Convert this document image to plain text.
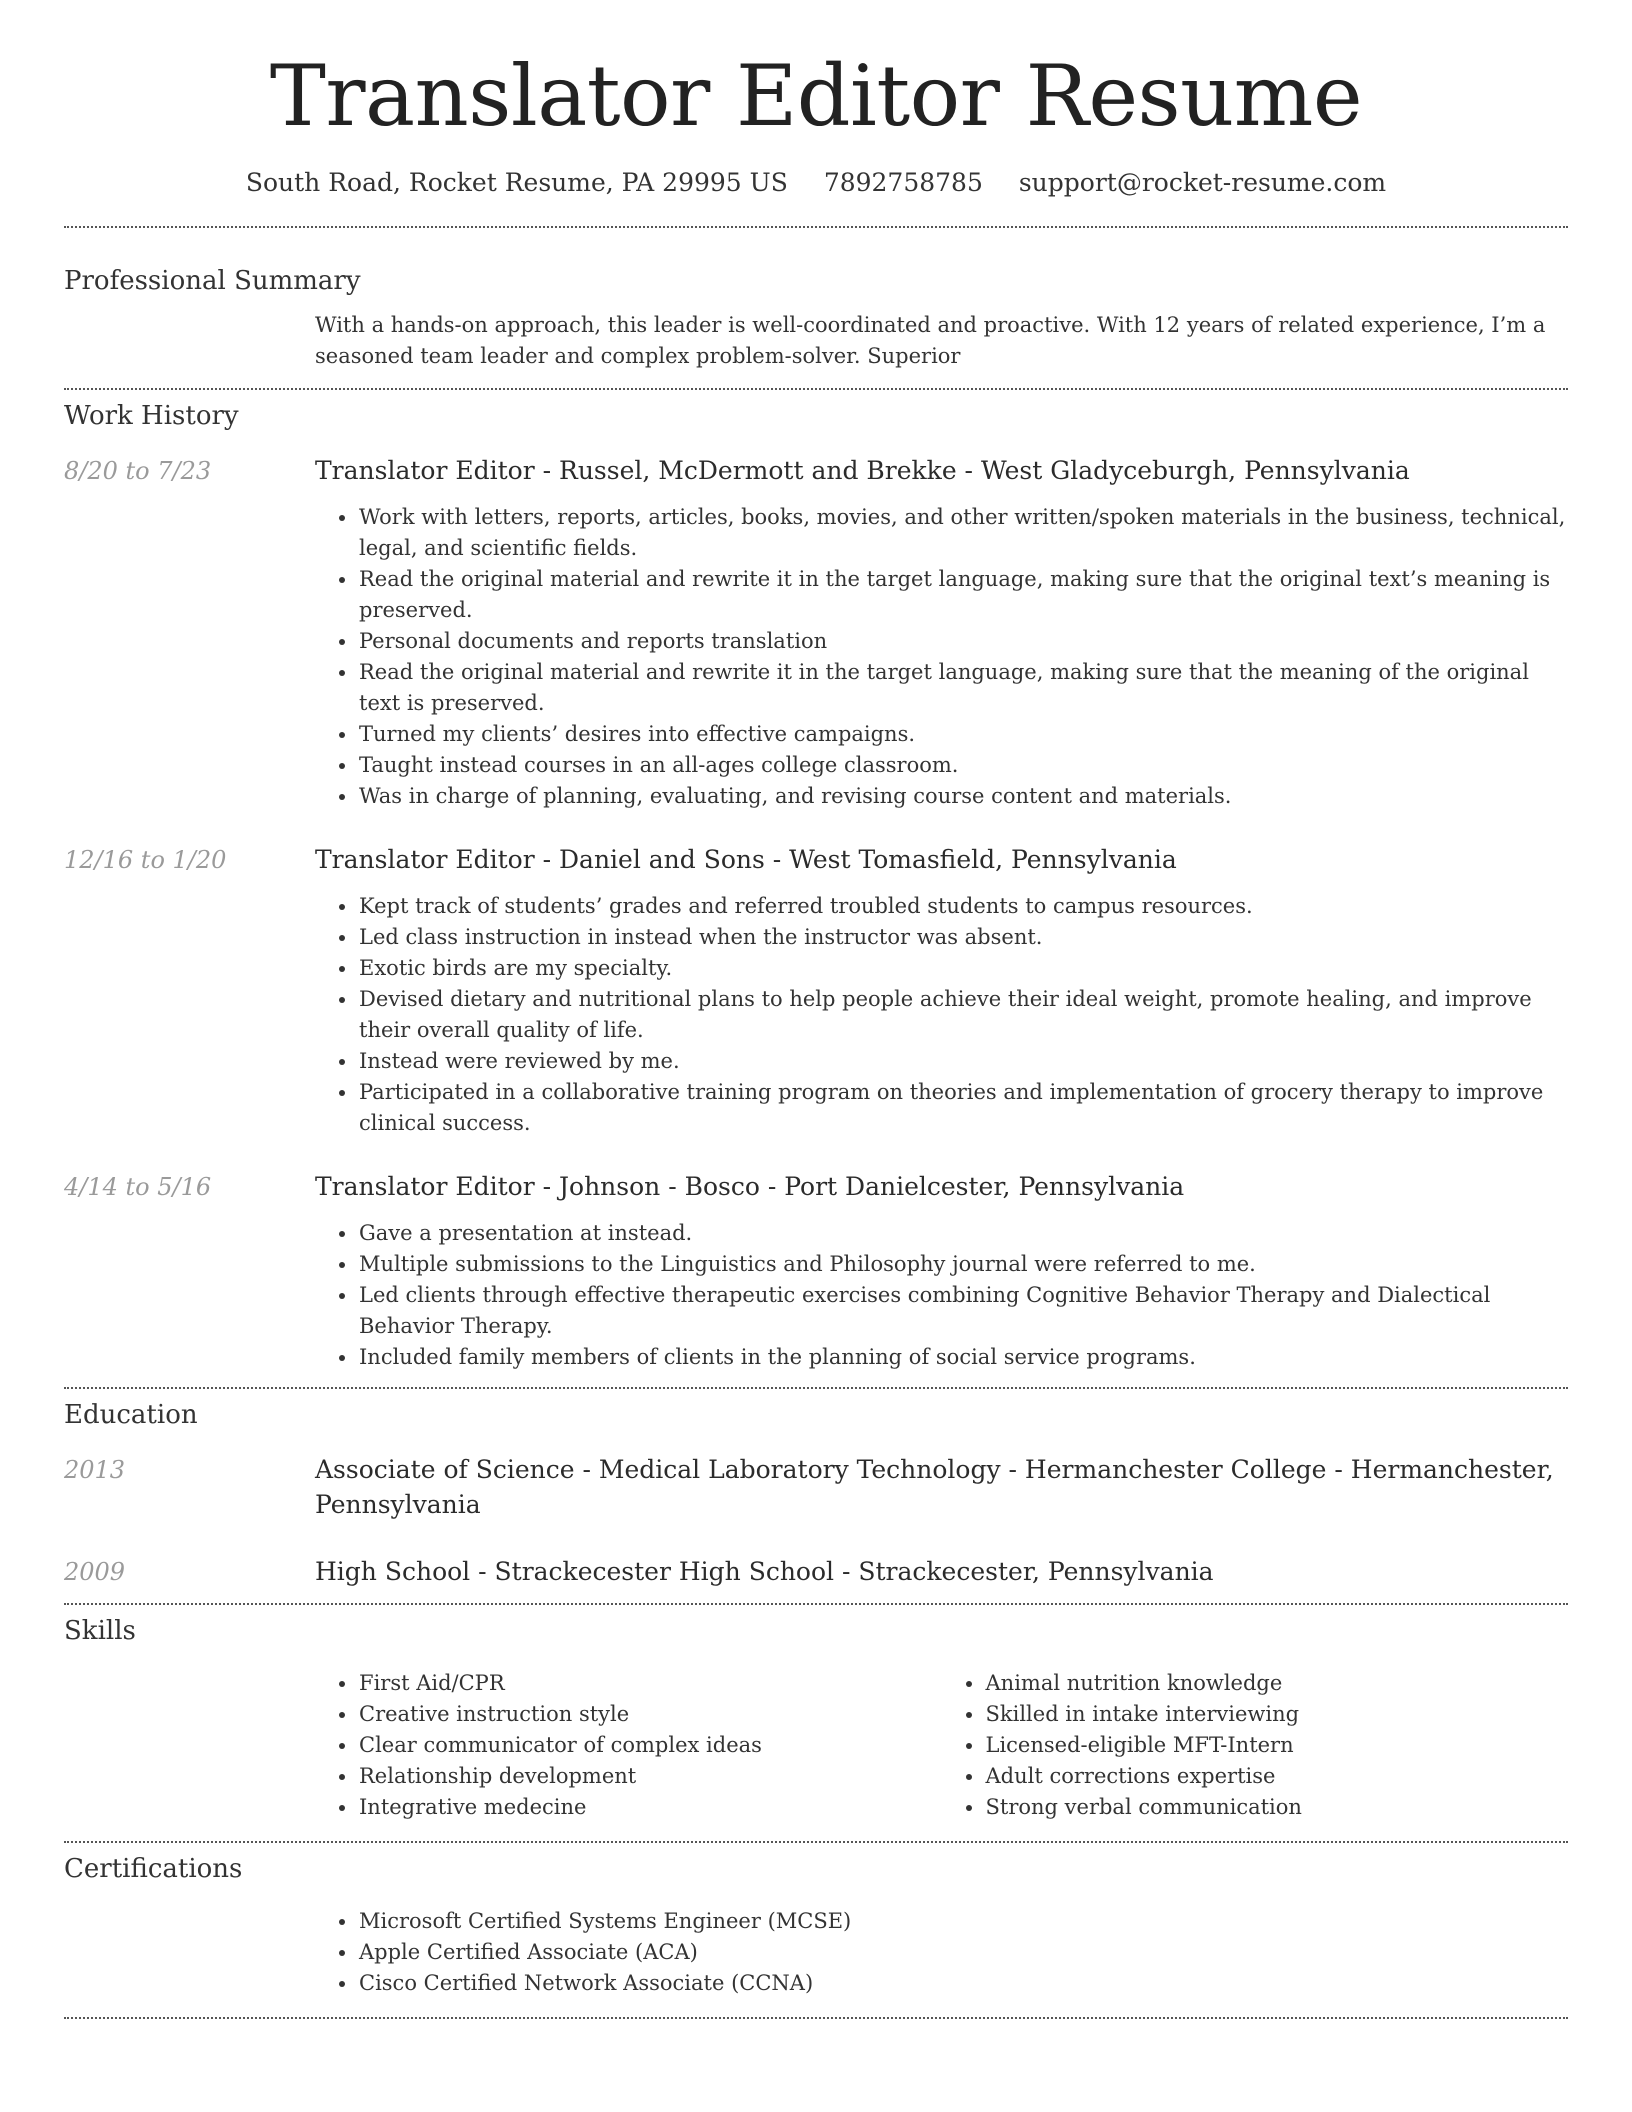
Translator Editor Resume
South Road, Rocket Resume, PA 29995 US 7892758785 support@rocket-resume.com
Professional Summary
With a hands-on approach, this leader is well-coordinated and proactive. With 12 years of related experience, I’m a seasoned team leader and complex problem-solver. Superior
Work History
8/20 to 7/23	Translator Editor - Russel, McDermott and Brekke - West Gladyceburgh, Pennsylvania
• Work with letters, reports, articles, books, movies, and other written/spoken materials in the business, technical, legal, and scientific fields.
• Read the original material and rewrite it in the target language, making sure that the original text’s meaning is preserved.
• Personal documents and reports translation
• Read the original material and rewrite it in the target language, making sure that the meaning of the original text is preserved.
• Turned my clients’ desires into effective campaigns.
• Taught instead courses in an all-ages college classroom.
• Was in charge of planning, evaluating, and revising course content and materials.
12/16 to 1/20	Translator Editor - Daniel and Sons - West Tomasfield, Pennsylvania
• Kept track of students’ grades and referred troubled students to campus resources.
• Led class instruction in instead when the instructor was absent.
• Exotic birds are my specialty.
• Devised dietary and nutritional plans to help people achieve their ideal weight, promote healing, and improve their overall quality of life.
• Instead were reviewed by me.
• Participated in a collaborative training program on theories and implementation of grocery therapy to improve clinical success.
4/14 to 5/16	Translator Editor - Johnson - Bosco - Port Danielcester, Pennsylvania
• Gave a presentation at instead.
• Multiple submissions to the Linguistics and Philosophy journal were referred to me.
• Led clients through effective therapeutic exercises combining Cognitive Behavior Therapy and Dialectical Behavior Therapy.
• Included family members of clients in the planning of social service programs.
Education
2013	Associate of Science - Medical Laboratory Technology - Hermanchester College - Hermanchester, Pennsylvania
2009	High School - Strackecester High School - Strackecester, Pennsylvania
Skills
• First Aid/CPR
• Creative instruction style
• Clear communicator of complex ideas
• Relationship development
• Integrative medecine
• Animal nutrition knowledge
• Skilled in intake interviewing
• Licensed-eligible MFT-Intern
• Adult corrections expertise
• Strong verbal communication
Certifications
• Microsoft Certified Systems Engineer (MCSE)
• Apple Certified Associate (ACA)
• Cisco Certified Network Associate (CCNA)
